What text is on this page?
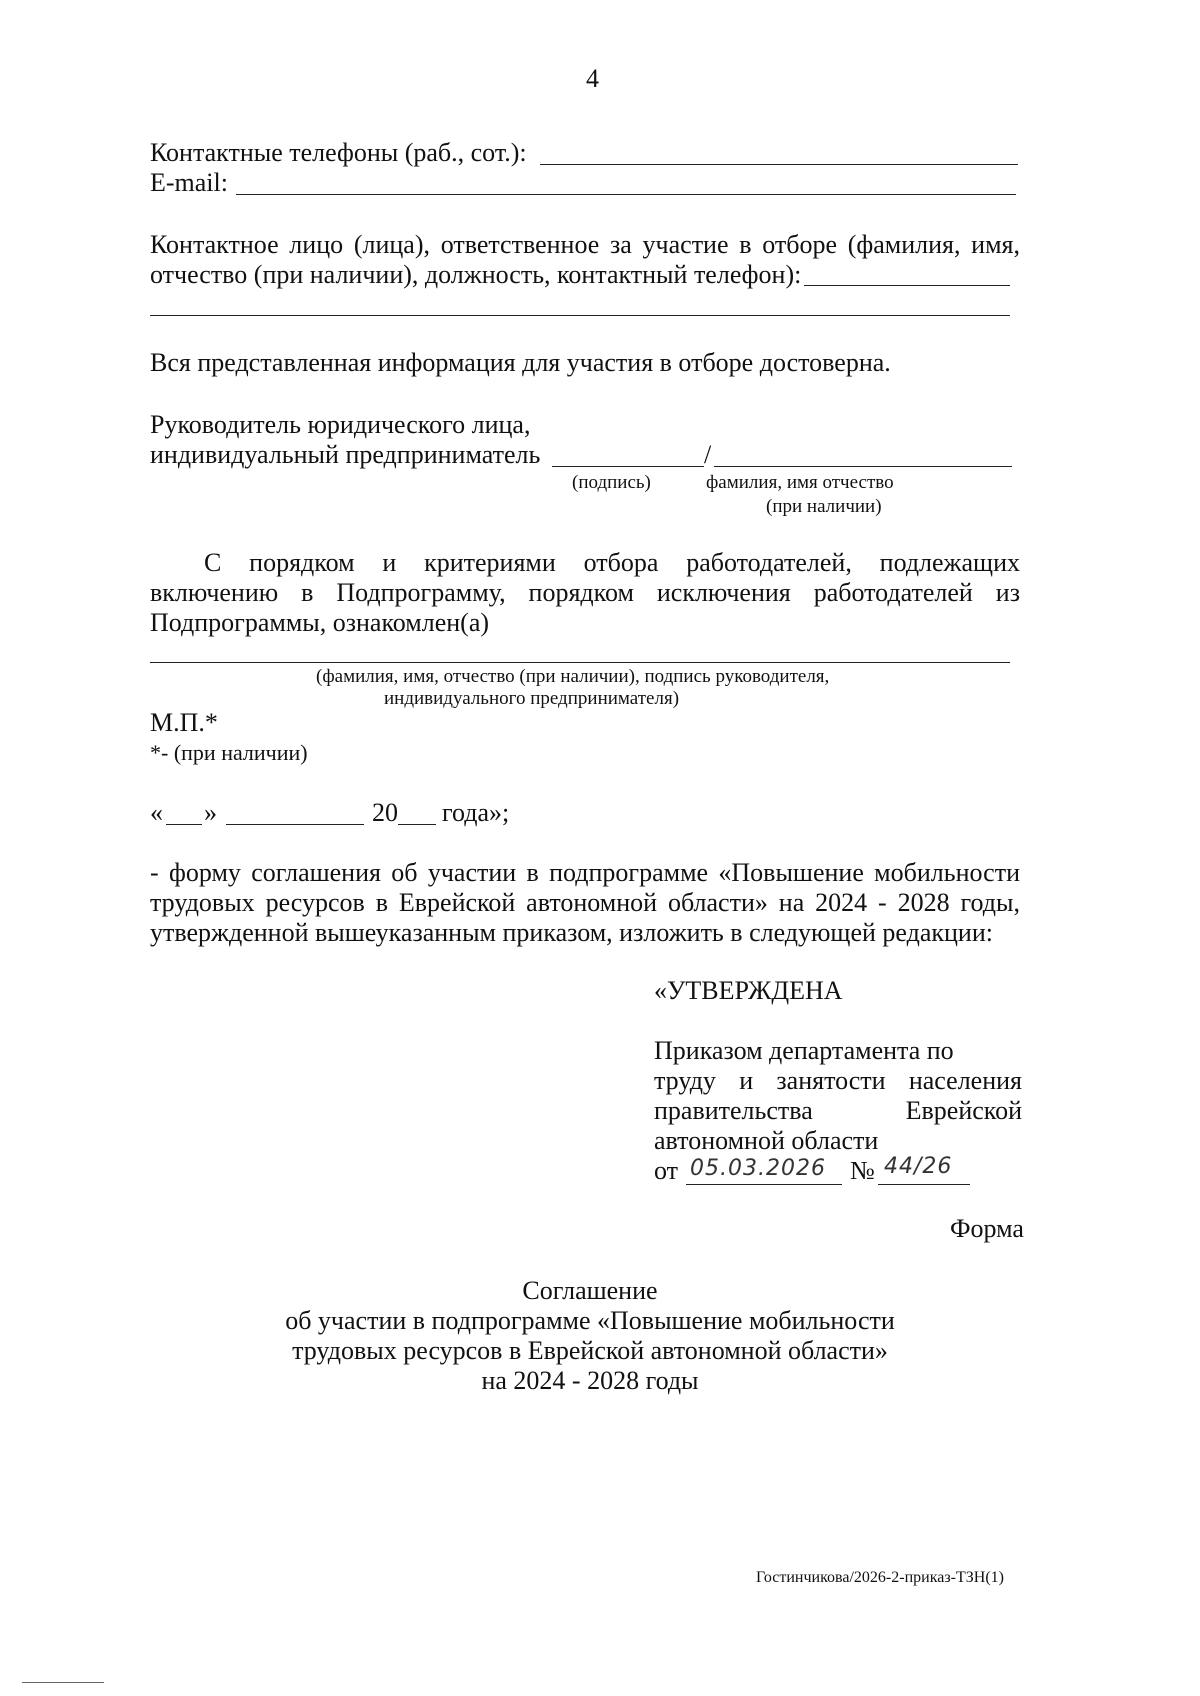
4
Контактные телефоны (раб., сот.):
E-mail:
Контактное лицо (лица), ответственное за участие в отборе (фамилия, имя,
отчество (при наличии), должность, контактный телефон):
Вся представленная информация для участия в отборе достоверна.
Руководитель юридического лица,
индивидуальный предприниматель	/
(подпись)	фамилия, имя отчество
(при наличии)
С порядком и критериями отбора работодателей, подлежащих
включению в Подпрограмму, порядком исключения работодателей из
Подпрограммы, ознакомлен(а)
(фамилия, имя, отчество (при наличии), подпись руководителя,
индивидуального предпринимателя)
М.П.*
*- (при наличии)
« »	20 года»;
- форму соглашения об участии в подпрограмме «Повышение мобильности
трудовых ресурсов в Еврейской автономной области» на 2024 - 2028 годы,
утвержденной вышеуказанным приказом, изложить в следующей редакции:
«УТВЕРЖДЕНА
Приказом департамента по
труду и занятости населения
правительства Еврейской
автономной области
от 05.03.2026 № 44/26
Форма
Соглашение
об участии в подпрограмме «Повышение мобильности
трудовых ресурсов в Еврейской автономной области»
на 2024 - 2028 годы
Гостинчикова/2026-2-приказ-ТЗН(1)
